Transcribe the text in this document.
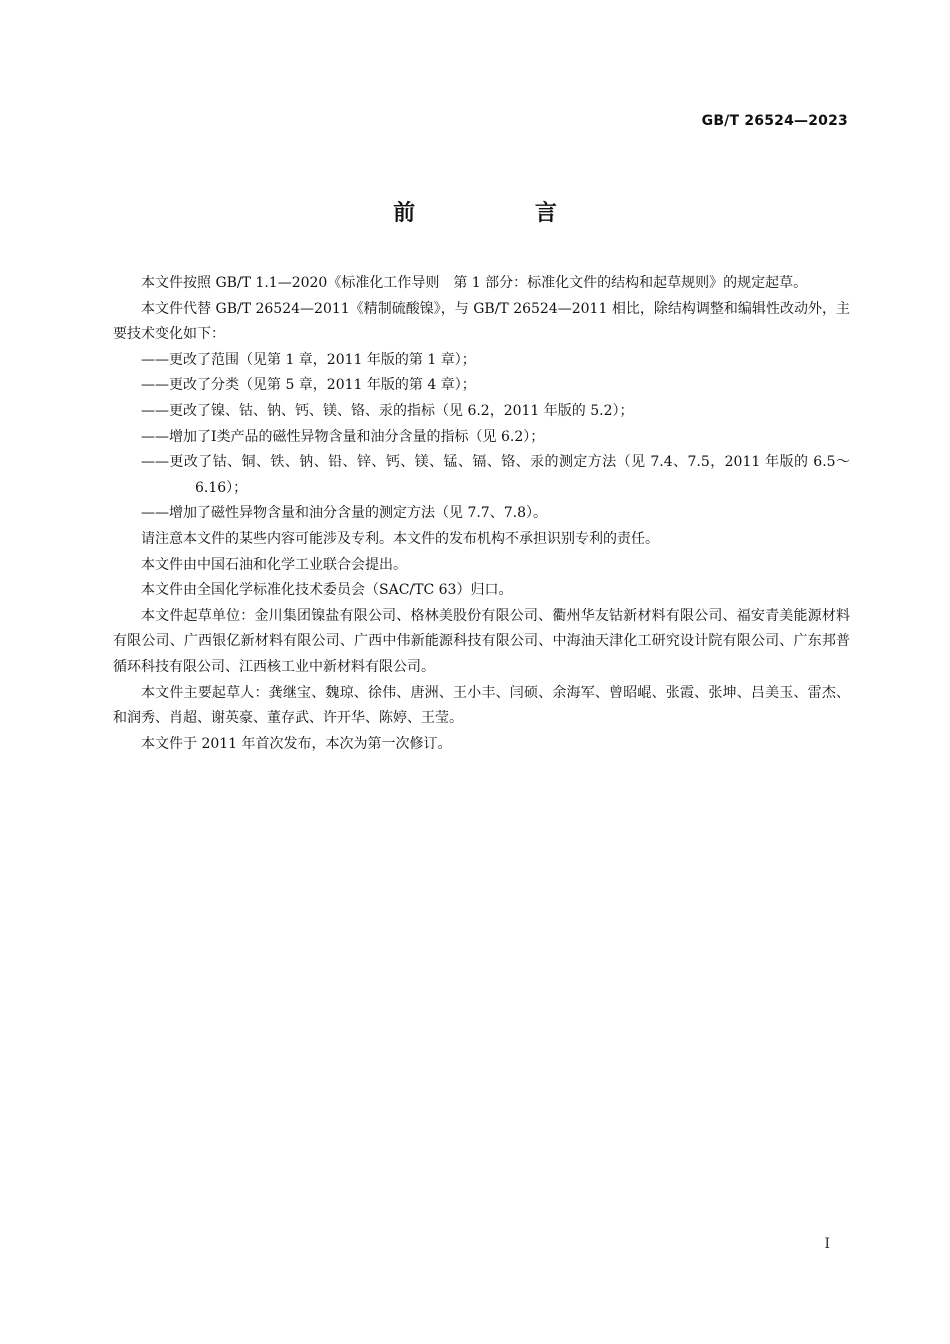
GB/T 26524—2023
前 言

本文件按照 GB/T 1.1—2020《标准化工作导则　第 1 部分：标准化文件的结构和起草规则》的规定起草。

本文件代替 GB/T 26524—2011《精制硫酸镍》，与 GB/T 26524—2011 相比，除结构调整和编辑性改动外，主要技术变化如下：

——更改了范围（见第 1 章，2011 年版的第 1 章）；

——更改了分类（见第 5 章，2011 年版的第 4 章）；

——更改了镍、钴、钠、钙、镁、铬、汞的指标（见 6.2，2011 年版的 5.2）；

——增加了Ⅰ类产品的磁性异物含量和油分含量的指标（见 6.2）；

——更改了钴、铜、铁、钠、铅、锌、钙、镁、锰、镉、铬、汞的测定方法（见 7.4、7.5，2011 年版的 6.5～6.16）；

——增加了磁性异物含量和油分含量的测定方法（见 7.7、7.8）。

请注意本文件的某些内容可能涉及专利。本文件的发布机构不承担识别专利的责任。

本文件由中国石油和化学工业联合会提出。

本文件由全国化学标准化技术委员会（SAC/TC 63）归口。

本文件起草单位：金川集团镍盐有限公司、格林美股份有限公司、衢州华友钴新材料有限公司、福安青美能源材料有限公司、广西银亿新材料有限公司、广西中伟新能源科技有限公司、中海油天津化工研究设计院有限公司、广东邦普循环科技有限公司、江西核工业中新材料有限公司。

本文件主要起草人：龚继宝、魏琼、徐伟、唐洲、王小丰、闫硕、余海军、曾昭崐、张霞、张坤、吕美玉、雷杰、和润秀、肖超、谢英豪、董存武、许开华、陈婷、王莹。

本文件于 2011 年首次发布，本次为第一次修订。

I
